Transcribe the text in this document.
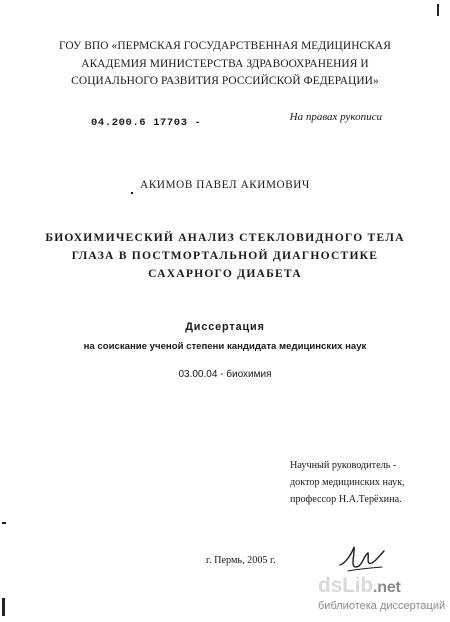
ГОУ ВПО «ПЕРМСКАЯ ГОСУДАРСТВЕННАЯ МЕДИЦИНСКАЯ
АКАДЕМИЯ МИНИСТЕРСТВА ЗДРАВООХРАНЕНИЯ И
СОЦИАЛЬНОГО РАЗВИТИЯ РОССИЙСКОЙ ФЕДЕРАЦИИ»
04.200.6 17703 -	На правах рукописи
АКИМОВ ПАВЕЛ АКИМОВИЧ
БИОХИМИЧЕСКИЙ АНАЛИЗ СТЕКЛОВИДНОГО ТЕЛА
ГЛАЗА В ПОСТМОРТАЛЬНОЙ ДИАГНОСТИКЕ
САХАРНОГО ДИАБЕТА
Диссертация
на соискание ученой степени кандидата медицинских наук
03.00.04 - биохимия
Научный руководитель -
доктор медицинских наук,
профессор Н.А.Терёхина.
г. Пермь, 2005 г.
dsLib.net
библиотека диссертаций
